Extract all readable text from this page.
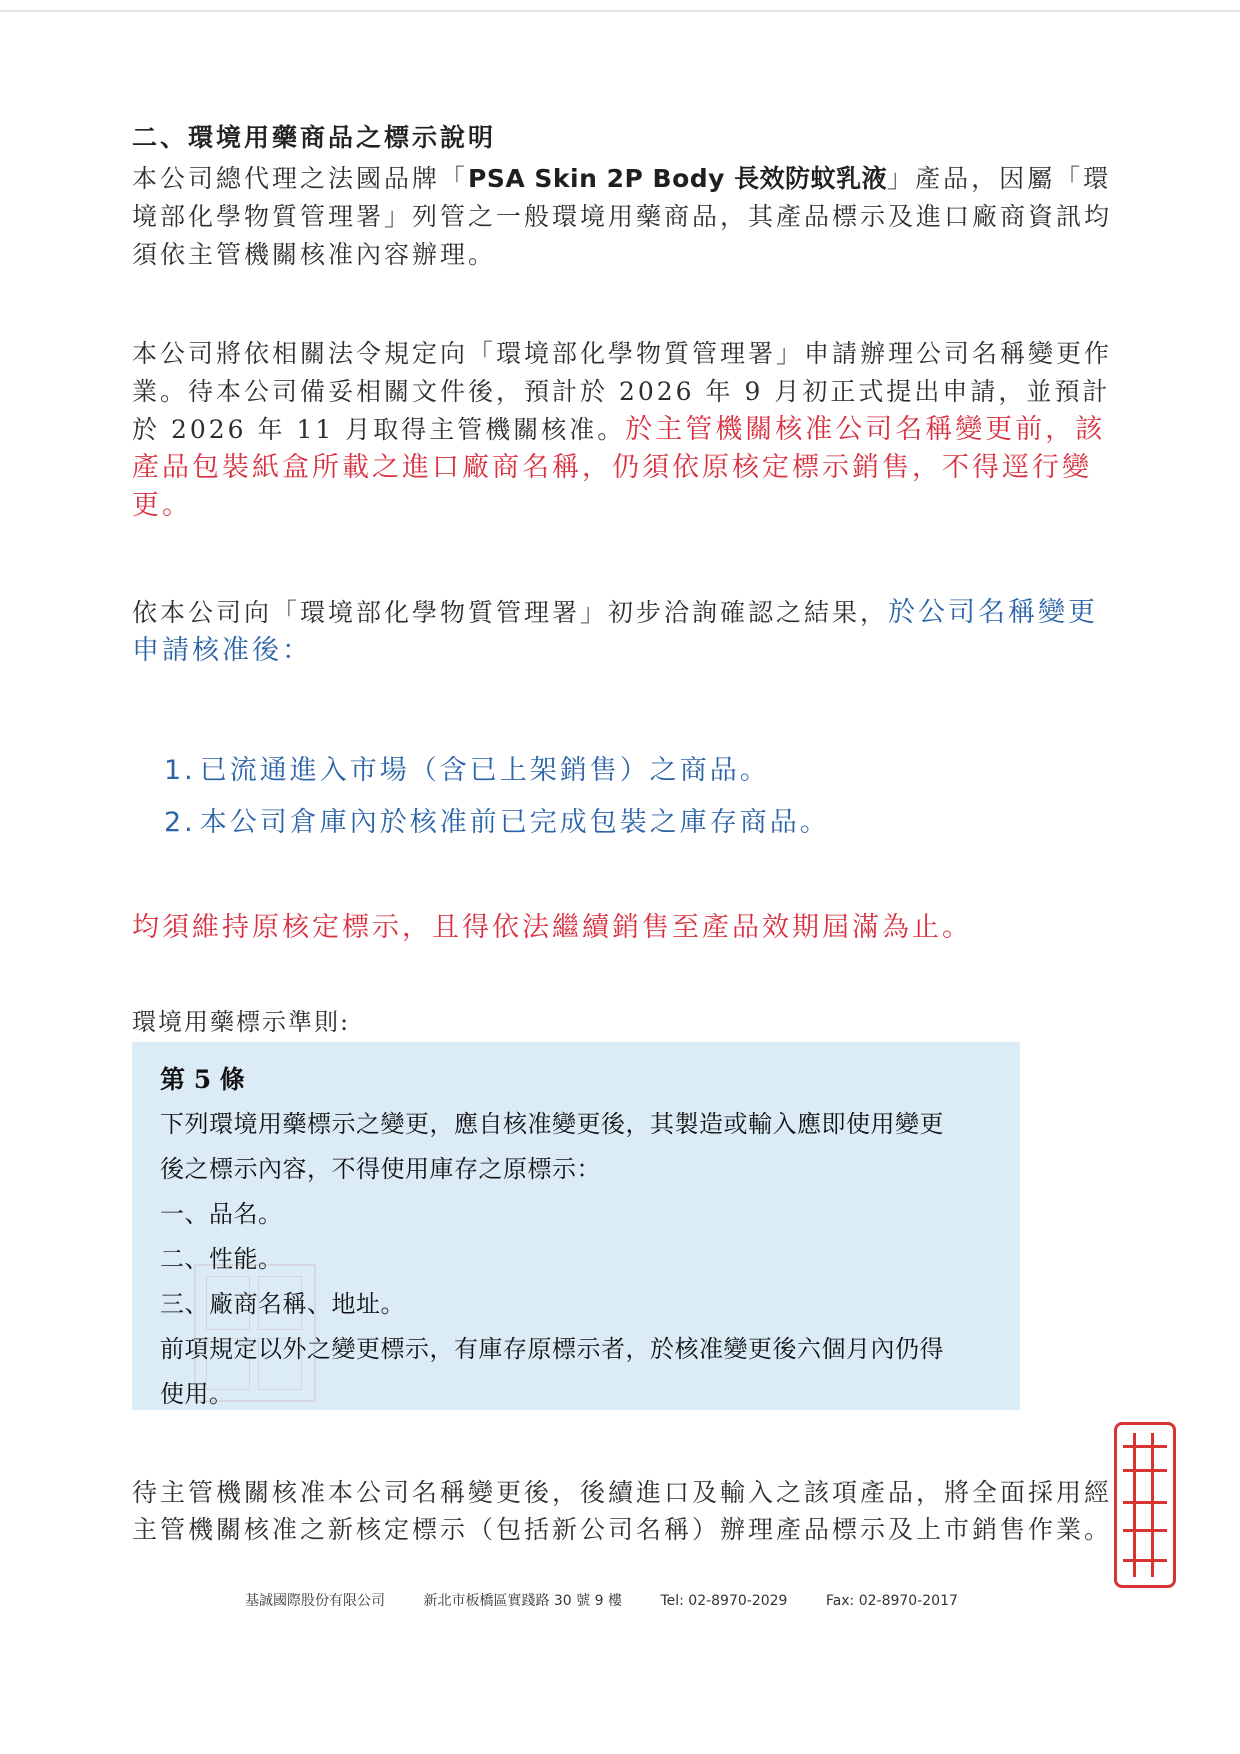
二、環境用藥商品之標示說明
本公司總代理之法國品牌「PSA Skin 2P Body 長效防蚊乳液」產品，因屬「環境部化學物質管理署」列管之一般環境用藥商品，其產品標示及進口廠商資訊均須依主管機關核准內容辦理。
本公司將依相關法令規定向「環境部化學物質管理署」申請辦理公司名稱變更作業。待本公司備妥相關文件後，預計於 2026 年 9 月初正式提出申請，並預計於 2026 年 11 月取得主管機關核准。於主管機關核准公司名稱變更前，該產品包裝紙盒所載之進口廠商名稱，仍須依原核定標示銷售，不得逕行變更。
依本公司向「環境部化學物質管理署」初步洽詢確認之結果，於公司名稱變更申請核准後：
1. 已流通進入市場（含已上架銷售）之商品。
2. 本公司倉庫內於核准前已完成包裝之庫存商品。
均須維持原核定標示，且得依法繼續銷售至產品效期屆滿為止。
環境用藥標示準則:
第 5 條
下列環境用藥標示之變更，應自核准變更後，其製造或輸入應即使用變更
後之標示內容，不得使用庫存之原標示：
一、品名。
二、性能。
三、廠商名稱、地址。
前項規定以外之變更標示，有庫存原標示者，於核准變更後六個月內仍得
使用。
待主管機關核准本公司名稱變更後，後續進口及輸入之該項產品，將全面採用經主管機關核准之新核定標示（包括新公司名稱）辦理產品標示及上市銷售作業。
基誠國際股份有限公司	新北市板橋區實踐路 30 號 9 樓	Tel: 02-8970-2029	Fax: 02-8970-2017
